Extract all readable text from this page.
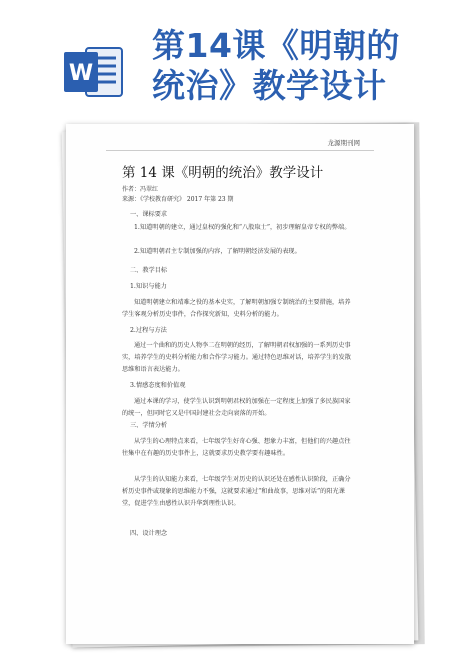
W
第14课《明朝的
统治》教学设计
龙源期刊网
第 14 课《明朝的统治》教学设计
作者：冯翠红
来源：《学校教育研究》 2017 年第 23 期
一、课标要求
1.知道明朝的建立，通过皇权的强化和“八股取士”，初步理解皇帝专权的弊端。
2.知道明朝君主专制加强的内容，了解明朝经济发展的表现。
二、教学目标
1.知识与能力
知道明朝建立和靖难之役的基本史实，了解明朝加强专制统治的主要措施，培养学生客观分析历史事件，合作探究新知，史料分析的能力。
2.过程与方法
通过一个曲和的历史人物李二在明朝的经历，了解明朝君权加强的一系列历史事实，培养学生的史料分析能力和合作学习能力。通过特色思维对话，培养学生的发散思维和语言表达能力。
3.情感态度和价值观
通过本课的学习，使学生认识到明朝君权的加强在一定程度上加强了多民族国家的统一，但同时它又是中国封建社会走向衰落的开始。
三、学情分析
从学生的心理特点来看，七年级学生好奇心强、想象力丰富，但他们的兴趣点往往集中在有趣的历史事件上，这就要求历史教学要有趣味性。
从学生的认知能力来看，七年级学生对历史的认识还处在感性认识阶段，正确分析历史事件或现象的思维能力不强，这就要求通过“和曲故事，思维对话”的阳光课堂，促进学生由感性认识升华到理性认识。
四、设计理念
